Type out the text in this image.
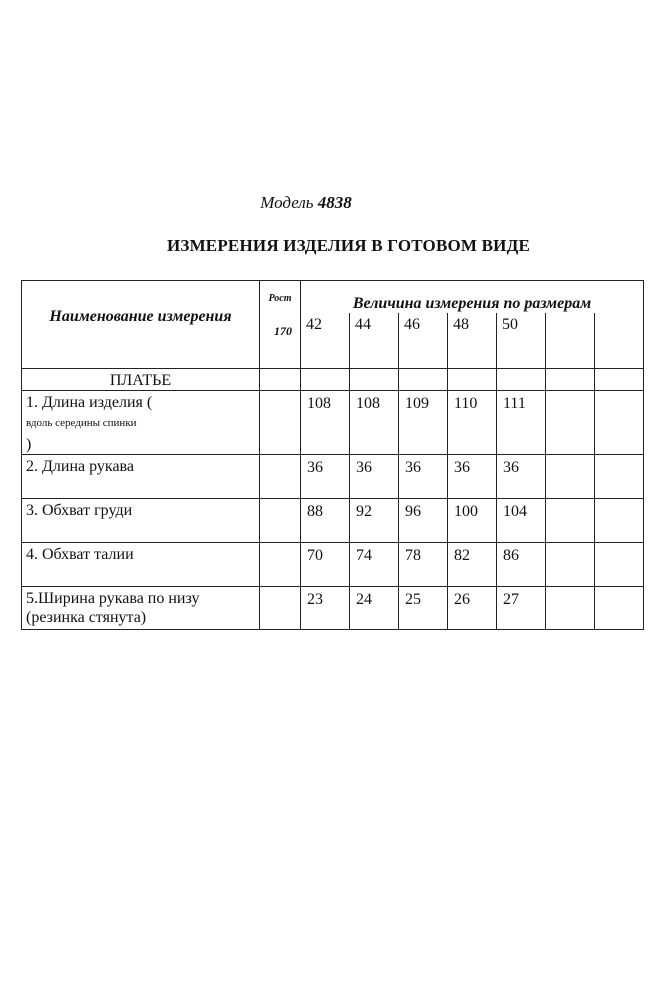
Модель 4838
ИЗМЕРЕНИЯ ИЗДЕЛИЯ В ГОТОВОМ ВИДЕ
Наименование измерения	Рост
170	Величина измерения по размерам						

		42	44	46	48	50		

ПЛАТЬЕ								

1. Длина изделия (
вдоль середины спинки
)		108	108	109	110	111		

2. Длина рукава		36	36	36	36	36		

3. Обхват груди		88	92	96	100	104		

4. Обхват талии		70	74	78	82	86		

5.Ширина рукава по низу (резинка стянута)		23	24	25	26	27		
